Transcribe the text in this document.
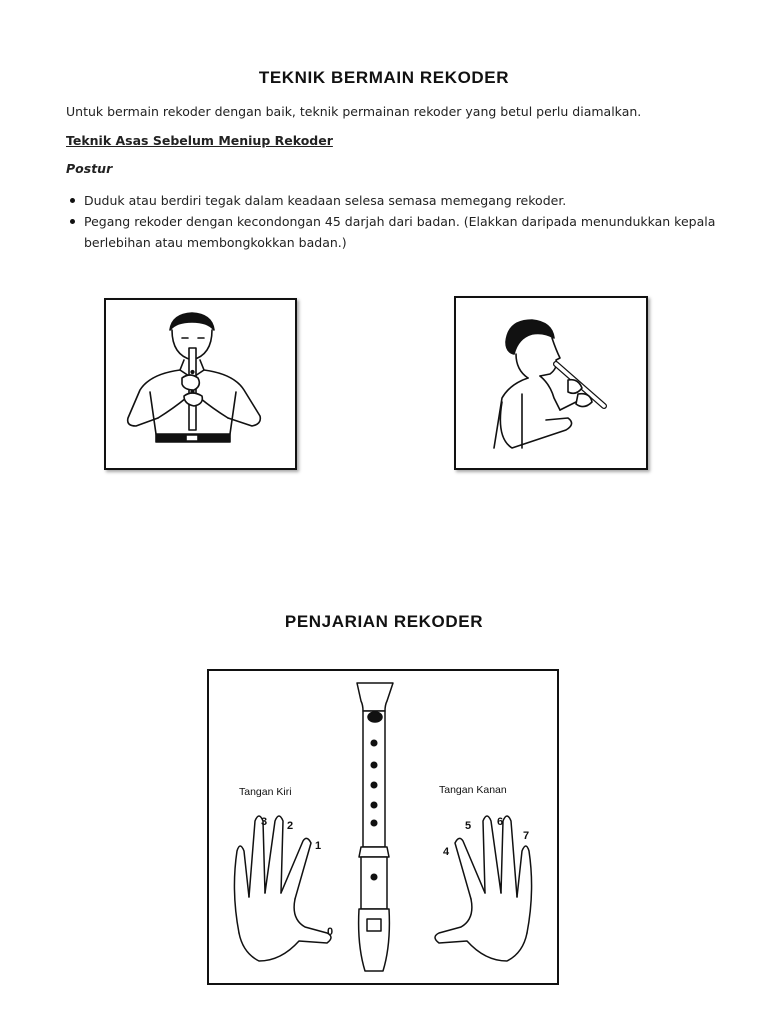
TEKNIK BERMAIN REKODER
Untuk bermain rekoder dengan baik, teknik permainan rekoder yang betul perlu diamalkan.
Teknik Asas Sebelum Meniup Rekoder
Postur
Duduk atau berdiri tegak dalam keadaan selesa semasa memegang rekoder.
Pegang rekoder dengan kecondongan 45 darjah dari badan. (Elakkan daripada menundukkan kepala berlebihan atau membongkokkan badan.)
PENJARIAN REKODER
Tangan Kiri	Tangan Kanan
3 2
1
0
5 6
7
4
